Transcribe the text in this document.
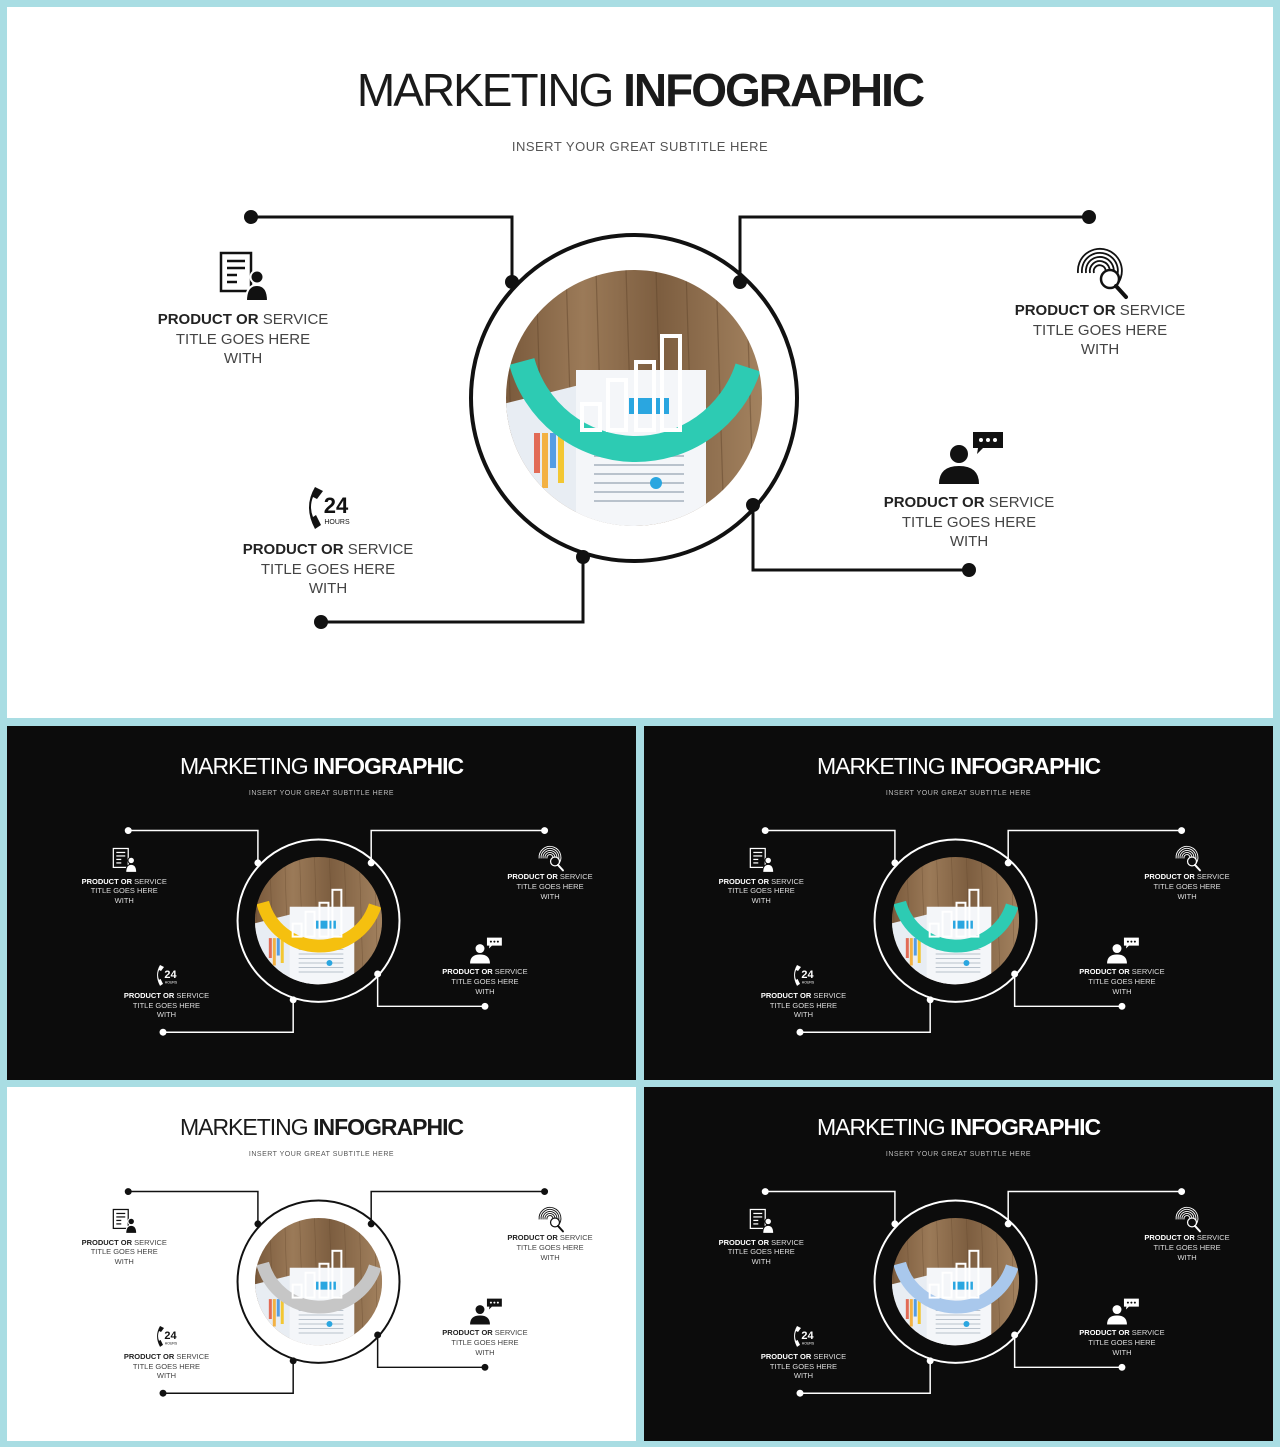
24
HOURS
MARKETING INFOGRAPHIC
INSERT YOUR GREAT SUBTITLE HERE
PRODUCT OR SERVICE
TITLE GOES HERE
WITH
PRODUCT OR SERVICE
TITLE GOES HERE
WITH
PRODUCT OR SERVICE
TITLE GOES HERE
WITH
PRODUCT OR SERVICE
TITLE GOES HERE
WITH
24
HOURS
MARKETING INFOGRAPHIC
INSERT YOUR GREAT SUBTITLE HERE
PRODUCT OR SERVICE
TITLE GOES HERE
WITH
PRODUCT OR SERVICE
TITLE GOES HERE
WITH
PRODUCT OR SERVICE
TITLE GOES HERE
WITH
PRODUCT OR SERVICE
TITLE GOES HERE
WITH
24
HOURS
MARKETING INFOGRAPHIC
INSERT YOUR GREAT SUBTITLE HERE
PRODUCT OR SERVICE
TITLE GOES HERE
WITH
PRODUCT OR SERVICE
TITLE GOES HERE
WITH
PRODUCT OR SERVICE
TITLE GOES HERE
WITH
PRODUCT OR SERVICE
TITLE GOES HERE
WITH
24
HOURS
MARKETING INFOGRAPHIC
INSERT YOUR GREAT SUBTITLE HERE
PRODUCT OR SERVICE
TITLE GOES HERE
WITH
PRODUCT OR SERVICE
TITLE GOES HERE
WITH
PRODUCT OR SERVICE
TITLE GOES HERE
WITH
PRODUCT OR SERVICE
TITLE GOES HERE
WITH
24
HOURS
MARKETING INFOGRAPHIC
INSERT YOUR GREAT SUBTITLE HERE
PRODUCT OR SERVICE
TITLE GOES HERE
WITH
PRODUCT OR SERVICE
TITLE GOES HERE
WITH
PRODUCT OR SERVICE
TITLE GOES HERE
WITH
PRODUCT OR SERVICE
TITLE GOES HERE
WITH
